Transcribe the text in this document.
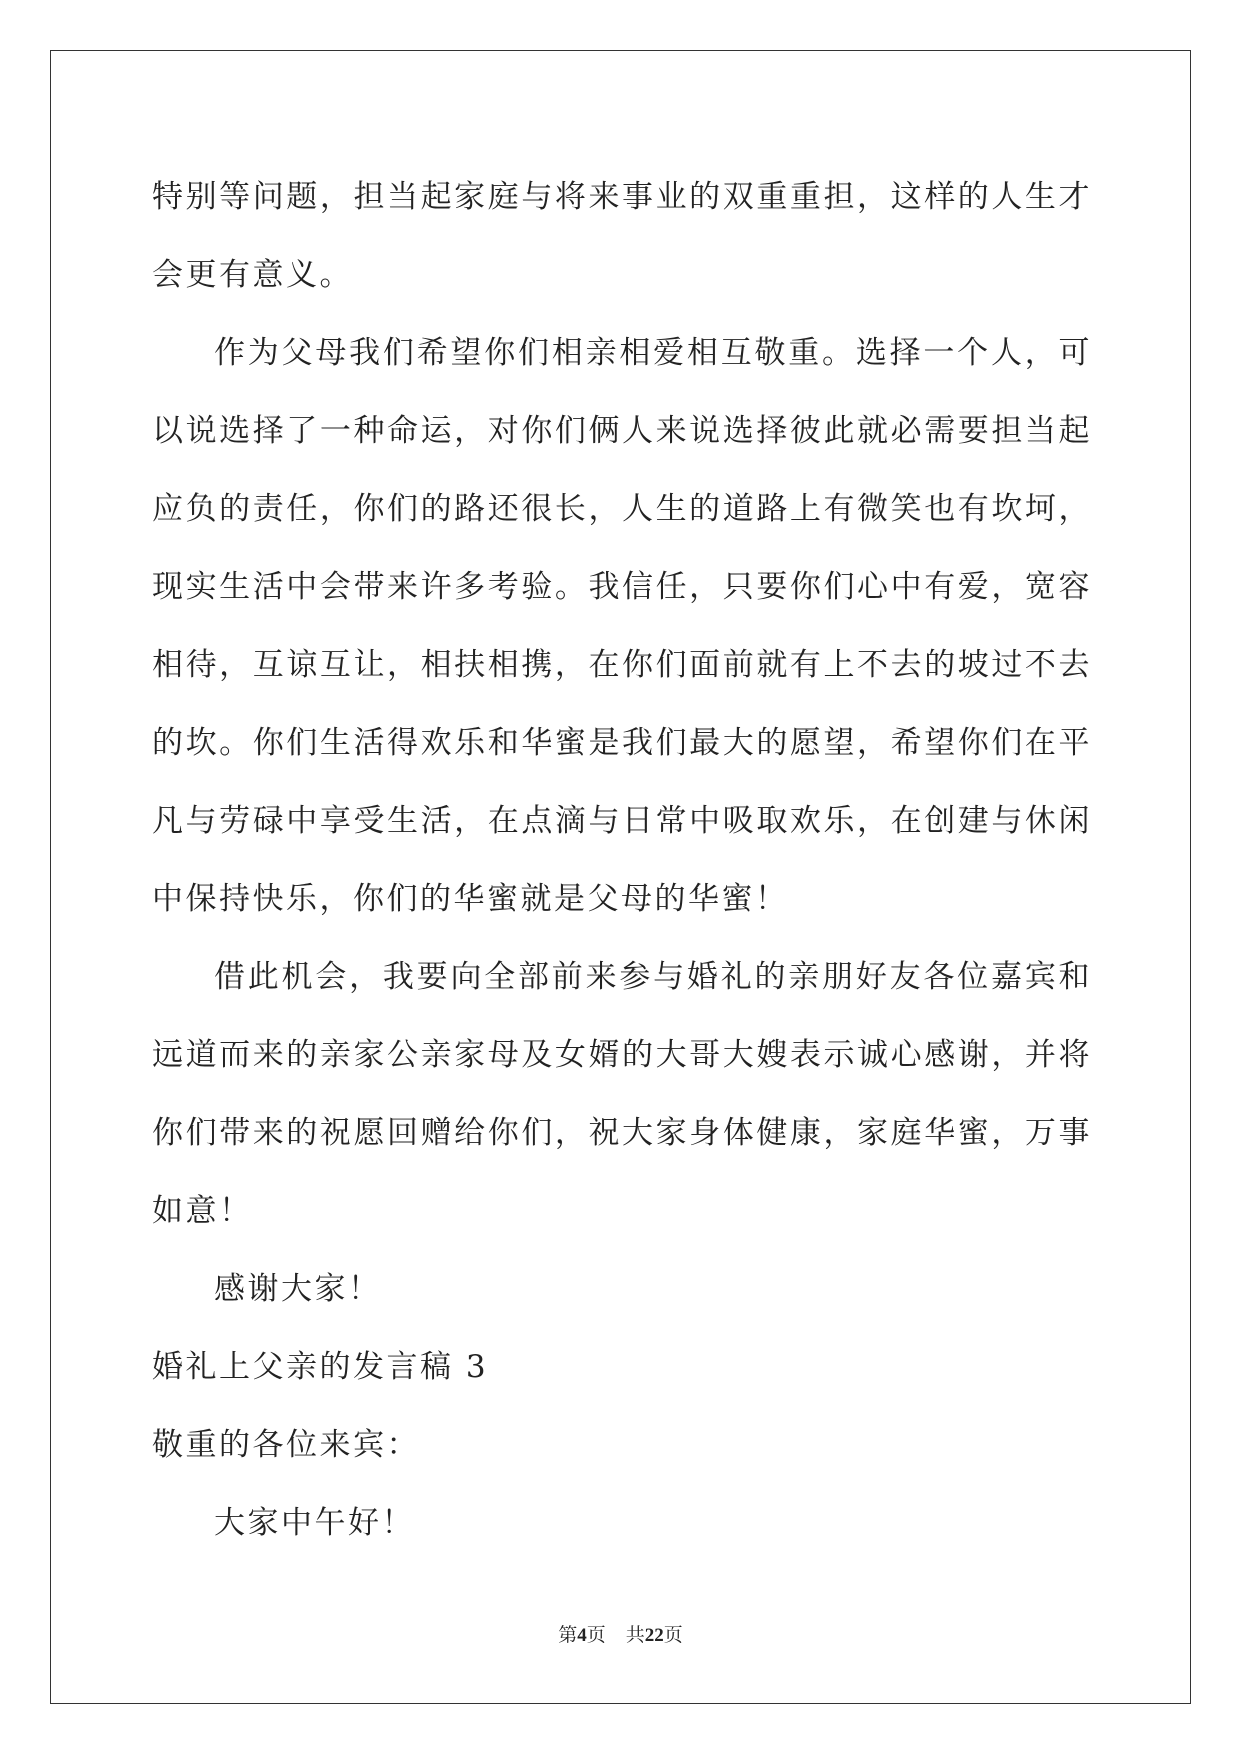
特别等问题，担当起家庭与将来事业的双重重担，这样的人生才会更有意义。

作为父母我们希望你们相亲相爱相互敬重。选择一个人，可以说选择了一种命运，对你们俩人来说选择彼此就必需要担当起应负的责任，你们的路还很长，人生的道路上有微笑也有坎坷，现实生活中会带来许多考验。我信任，只要你们心中有爱，宽容相待，互谅互让，相扶相携，在你们面前就有上不去的坡过不去的坎。你们生活得欢乐和华蜜是我们最大的愿望，希望你们在平凡与劳碌中享受生活，在点滴与日常中吸取欢乐，在创建与休闲中保持快乐，你们的华蜜就是父母的华蜜！

借此机会，我要向全部前来参与婚礼的亲朋好友各位嘉宾和远道而来的亲家公亲家母及女婿的大哥大嫂表示诚心感谢，并将你们带来的祝愿回赠给你们，祝大家身体健康，家庭华蜜，万事如意！

感谢大家！

婚礼上父亲的发言稿 3

敬重的各位来宾：

大家中午好！

第4页 共22页
